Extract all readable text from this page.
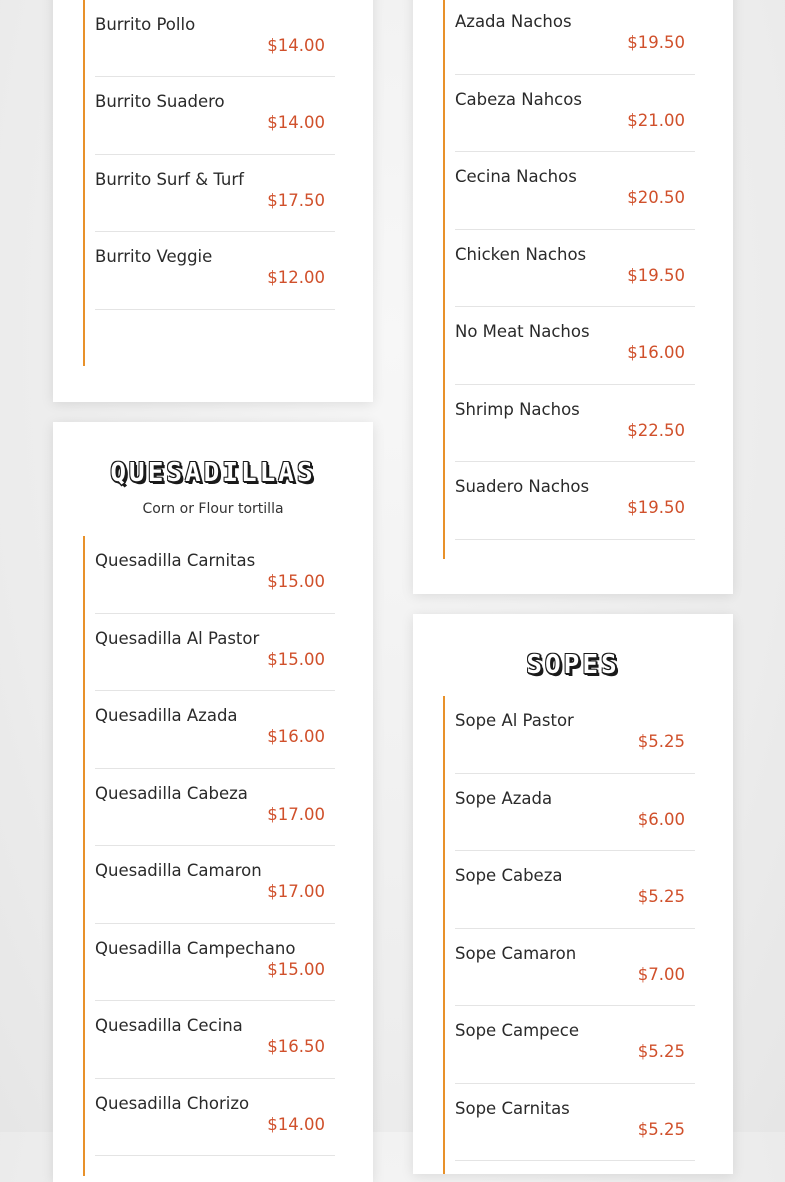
Burrito Pollo
$14.00
Burrito Suadero
$14.00
Burrito Surf & Turf
$17.50
Burrito Veggie
$12.00
QUESADILLAS
Corn or Flour tortilla
Quesadilla Carnitas
$15.00
Quesadilla Al Pastor
$15.00
Quesadilla Azada
$16.00
Quesadilla Cabeza
$17.00
Quesadilla Camaron
$17.00
Quesadilla Campechano
$15.00
Quesadilla Cecina
$16.50
Quesadilla Chorizo
$14.00
Azada Nachos
$19.50
Cabeza Nahcos
$21.00
Cecina Nachos
$20.50
Chicken Nachos
$19.50
No Meat Nachos
$16.00
Shrimp Nachos
$22.50
Suadero Nachos
$19.50
SOPES
Sope Al Pastor
$5.25
Sope Azada
$6.00
Sope Cabeza
$5.25
Sope Camaron
$7.00
Sope Campece
$5.25
Sope Carnitas
$5.25
